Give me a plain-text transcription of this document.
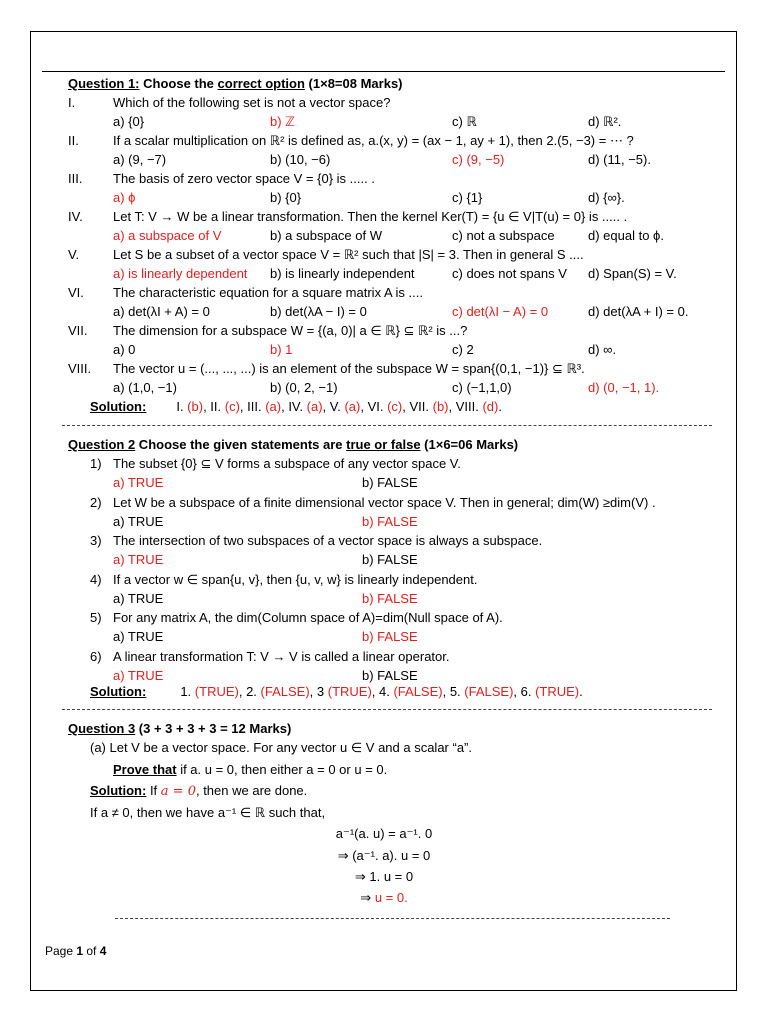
Question 1: Choose the correct option (1×8=08 Marks)
I.	Which of the following set is not a vector space?
a) {0}	b) ℤ	c) ℝ	d) ℝ².
II.	If a scalar multiplication on ℝ² is defined as, a.(x, y) = (ax − 1, ay + 1), then 2.(5, −3) = ⋯ ?
a) (9, −7)	b) (10, −6)	c) (9, −5)	d) (11, −5).
III. The basis of zero vector space V = {0} is ..... .
a) ϕ	b) {0}	c) {1}	d) {∞}.
IV. Let T: V → W be a linear transformation. Then the kernel Ker(T) = {u ∈ V|T(u) = 0} is ..... .
a) a subspace of V	b) a subspace of W	c) not a subspace	d) equal to ϕ.
V.	Let S be a subset of a vector space V = ℝ² such that |S| = 3. Then in general S ....
a) is linearly dependent b) is linearly independent	c) does not spans V d) Span(S) = V.
VI. The characteristic equation for a square matrix A is ....
a) det(λI + A) = 0	b) det(λA − I) = 0	c) det(λI − A) = 0	d) det(λA + I) = 0.
VII. The dimension for a subspace W = {(a, 0)| a ∈ ℝ} ⊆ ℝ² is ...?
a) 0	b) 1	c) 2	d) ∞.
VIII. The vector u = (..., ..., ...) is an element of the subspace W = span{(0,1, −1)} ⊆ ℝ³.
a) (1,0, −1)	b) (0, 2, −1)	c) (−1,1,0)	d) (0, −1, 1).
Solution: I. (b), II. (c), III. (a), IV. (a), V. (a), VI. (c), VII. (b), VIII. (d).
Question 2 Choose the given statements are true or false (1×6=06 Marks)
1) The subset {0} ⊆ V forms a subspace of any vector space V.
a) TRUE	b) FALSE
2) Let W be a subspace of a finite dimensional vector space V. Then in general; dim(W) ≥dim(V) .
a) TRUE	b) FALSE
3) The intersection of two subspaces of a vector space is always a subspace.
a) TRUE	b) FALSE
4) If a vector w ∈ span{u, v}, then {u, v, w} is linearly independent.
a) TRUE	b) FALSE
5) For any matrix A, the dim(Column space of A)=dim(Null space of A).
a) TRUE	b) FALSE
6) A linear transformation T: V → V is called a linear operator.
a) TRUE	b) FALSE
Solution:	1. (TRUE), 2. (FALSE), 3 (TRUE), 4. (FALSE), 5. (FALSE), 6. (TRUE).
Question 3 (3 + 3 + 3 + 3 = 12 Marks)
(a) Let V be a vector space. For any vector u ∈ V and a scalar “a”.
Prove that if a. u = 0, then either a = 0 or u = 0.
Solution: If a = 0, then we are done.
If a ≠ 0, then we have a⁻¹ ∈ ℝ such that,
a⁻¹(a. u) = a⁻¹. 0
⇒ (a⁻¹. a). u = 0
⇒ 1. u = 0
⇒ u = 0.
Page 1 of 4
